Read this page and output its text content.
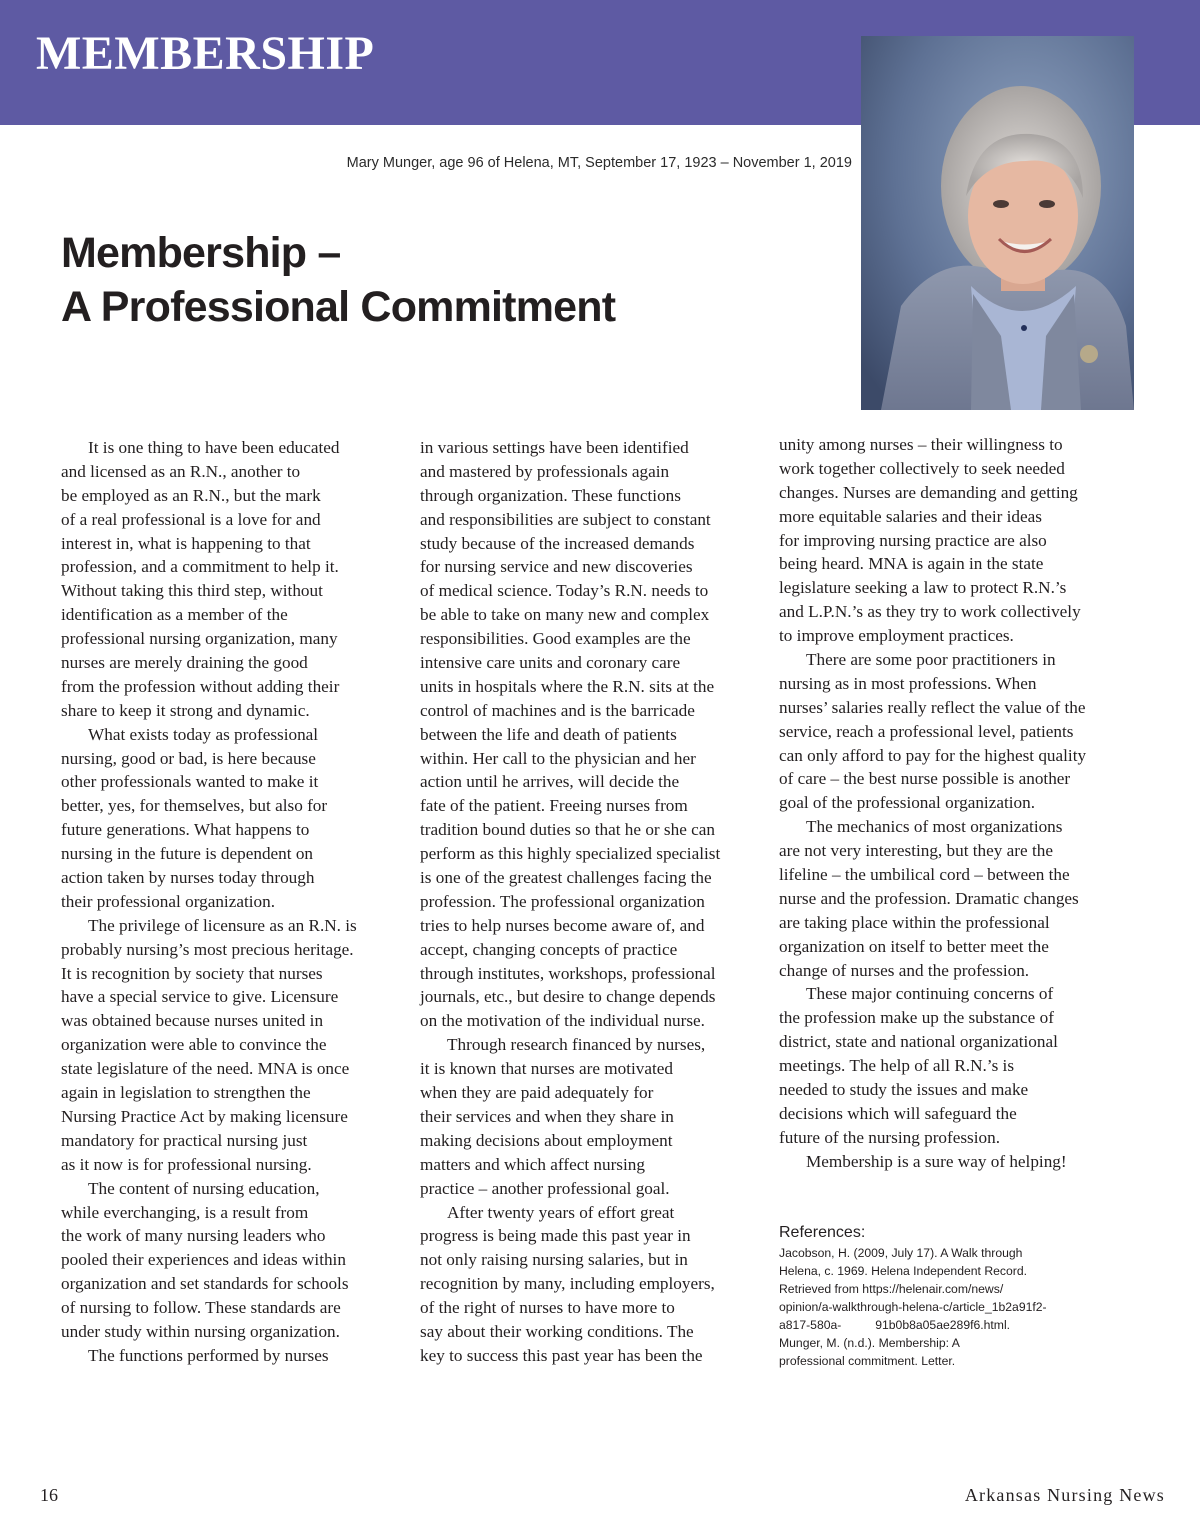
MEMBERSHIP
Mary Munger, age 96 of Helena, MT, September 17, 1923 – November 1, 2019
Membership –
A Professional Commitment
It is one thing to have been educated
and licensed as an R.N., another to
be employed as an R.N., but the mark
of a real professional is a love for and
interest in, what is happening to that
profession, and a commitment to help it.
Without taking this third step, without
identification as a member of the
professional nursing organization, many
nurses are merely draining the good
from the profession without adding their
share to keep it strong and dynamic.
What exists today as professional
nursing, good or bad, is here because
other professionals wanted to make it
better, yes, for themselves, but also for
future generations. What happens to
nursing in the future is dependent on
action taken by nurses today through
their professional organization.
The privilege of licensure as an R.N. is
probably nursing’s most precious heritage.
It is recognition by society that nurses
have a special service to give. Licensure
was obtained because nurses united in
organization were able to convince the
state legislature of the need. MNA is once
again in legislation to strengthen the
Nursing Practice Act by making licensure
mandatory for practical nursing just
as it now is for professional nursing.
The content of nursing education,
while everchanging, is a result from
the work of many nursing leaders who
pooled their experiences and ideas within
organization and set standards for schools
of nursing to follow. These standards are
under study within nursing organization.
The functions performed by nurses
in various settings have been identified
and mastered by professionals again
through organization. These functions
and responsibilities are subject to constant
study because of the increased demands
for nursing service and new discoveries
of medical science. Today’s R.N. needs to
be able to take on many new and complex
responsibilities. Good examples are the
intensive care units and coronary care
units in hospitals where the R.N. sits at the
control of machines and is the barricade
between the life and death of patients
within. Her call to the physician and her
action until he arrives, will decide the
fate of the patient. Freeing nurses from
tradition bound duties so that he or she can
perform as this highly specialized specialist
is one of the greatest challenges facing the
profession. The professional organization
tries to help nurses become aware of, and
accept, changing concepts of practice
through institutes, workshops, professional
journals, etc., but desire to change depends
on the motivation of the individual nurse.
Through research financed by nurses,
it is known that nurses are motivated
when they are paid adequately for
their services and when they share in
making decisions about employment
matters and which affect nursing
practice – another professional goal.
After twenty years of effort great
progress is being made this past year in
not only raising nursing salaries, but in
recognition by many, including employers,
of the right of nurses to have more to
say about their working conditions. The
key to success this past year has been the
unity among nurses – their willingness to
work together collectively to seek needed
changes. Nurses are demanding and getting
more equitable salaries and their ideas
for improving nursing practice are also
being heard. MNA is again in the state
legislature seeking a law to protect R.N.’s
and L.P.N.’s as they try to work collectively
to improve employment practices.
There are some poor practitioners in
nursing as in most professions. When
nurses’ salaries really reflect the value of the
service, reach a professional level, patients
can only afford to pay for the highest quality
of care – the best nurse possible is another
goal of the professional organization.
The mechanics of most organizations
are not very interesting, but they are the
lifeline – the umbilical cord – between the
nurse and the profession. Dramatic changes
are taking place within the professional
organization on itself to better meet the
change of nurses and the profession.
These major continuing concerns of
the profession make up the substance of
district, state and national organizational
meetings. The help of all R.N.’s is
needed to study the issues and make
decisions which will safeguard the
future of the nursing profession.
Membership is a sure way of helping!
References:
Jacobson, H. (2009, July 17). A Walk through
Helena, c. 1969. Helena Independent Record.
Retrieved from https://helenair.com/news/
opinion/a-walkthrough-helena-c/article_1b2a91f2-
a817-580a-          91b0b8a05ae289f6.html.
Munger, M. (n.d.). Membership: A
professional commitment. Letter.
16	Arkansas Nursing News
